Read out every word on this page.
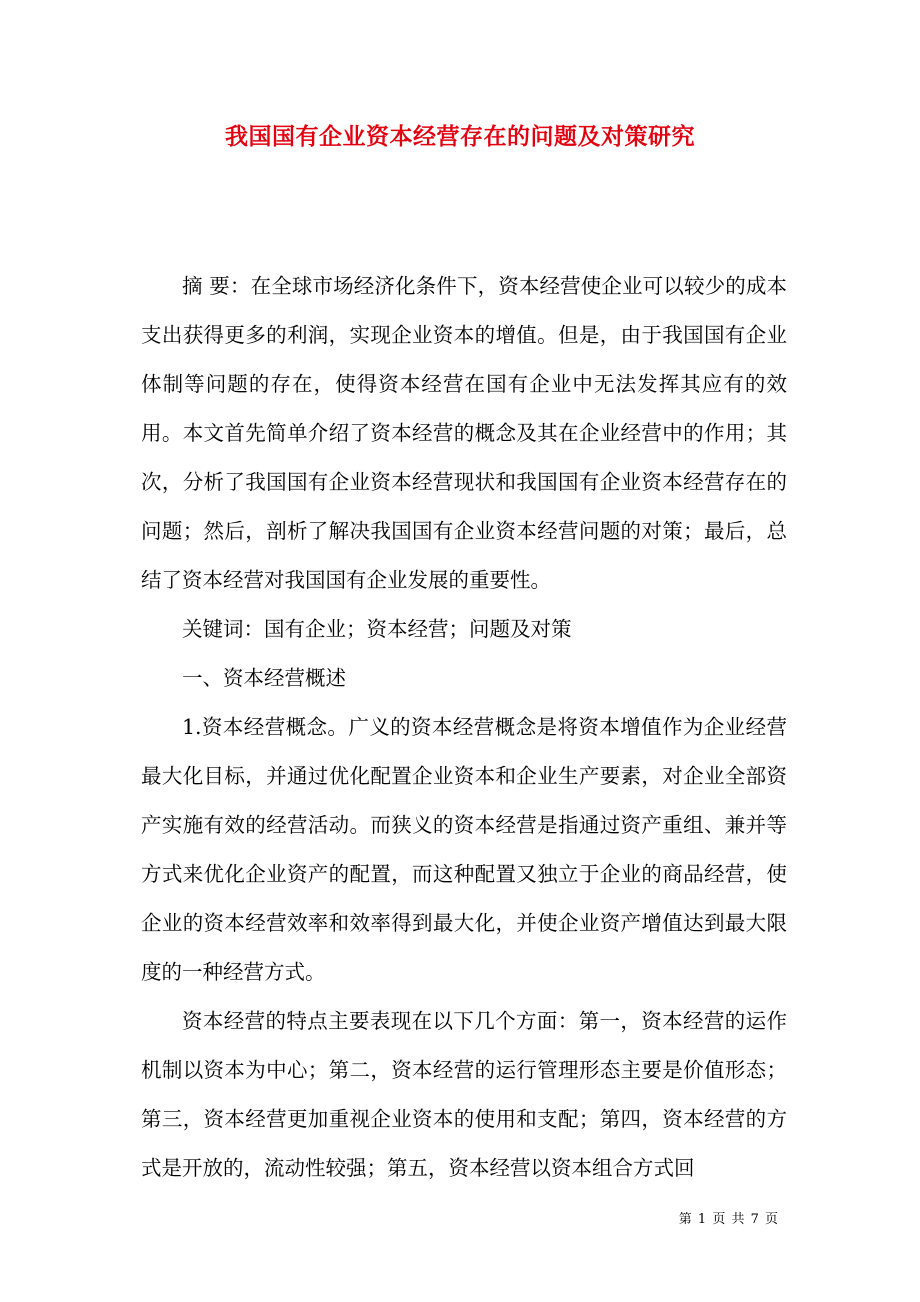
我国国有企业资本经营存在的问题及对策研究

摘 要：在全球市场经济化条件下，资本经营使企业可以较少的成本支出获得更多的利润，实现企业资本的增值。但是，由于我国国有企业体制等问题的存在，使得资本经营在国有企业中无法发挥其应有的效用。本文首先简单介绍了资本经营的概念及其在企业经营中的作用；其次，分析了我国国有企业资本经营现状和我国国有企业资本经营存在的问题；然后，剖析了解决我国国有企业资本经营问题的对策；最后，总结了资本经营对我国国有企业发展的重要性。

关键词：国有企业；资本经营；问题及对策

一、资本经营概述

1.资本经营概念。广义的资本经营概念是将资本增值作为企业经营最大化目标，并通过优化配置企业资本和企业生产要素，对企业全部资产实施有效的经营活动。而狭义的资本经营是指通过资产重组、兼并等方式来优化企业资产的配置，而这种配置又独立于企业的商品经营，使企业的资本经营效率和效率得到最大化，并使企业资产增值达到最大限度的一种经营方式。

资本经营的特点主要表现在以下几个方面：第一，资本经营的运作机制以资本为中心；第二，资本经营的运行管理形态主要是价值形态；第三，资本经营更加重视企业资本的使用和支配；第四，资本经营的方式是开放的，流动性较强；第五，资本经营以资本组合方式回

第 1 页 共 7 页
